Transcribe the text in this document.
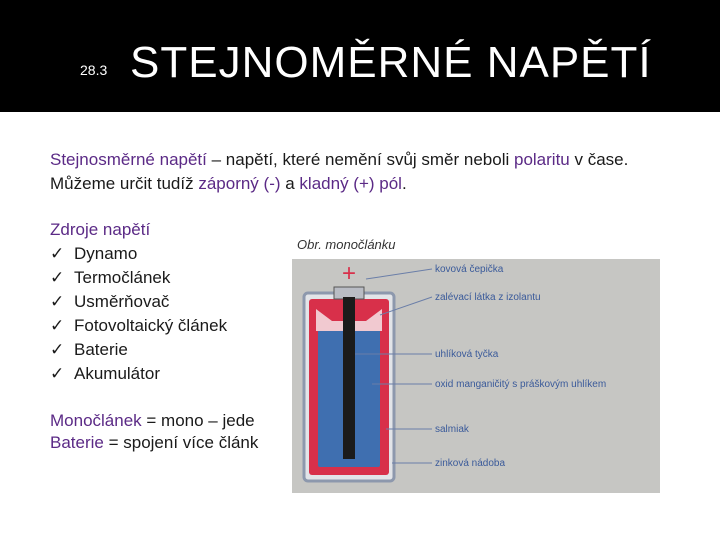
28.3 STEJNOMĚRNÉ NAPĚTÍ
Stejnosměrné napětí – napětí, které nemění svůj směr neboli polaritu v čase. Můžeme určit tudíž záporný (-) a kladný (+) pól.
Zdroje napětí
✓ Dynamo
✓ Termočlánek
✓ Usměrňovač
✓ Fotovoltaický článek
✓ Baterie
✓ Akumulátor
Obr. monočlánku
Monočlánek = mono – jede
Baterie = spojení více článk
+	kovová čepička
zalévací látka z izolantu
uhlíková tyčka
oxid manganičitý s práškovým uhlíkem
salmiak
zinková nádoba
